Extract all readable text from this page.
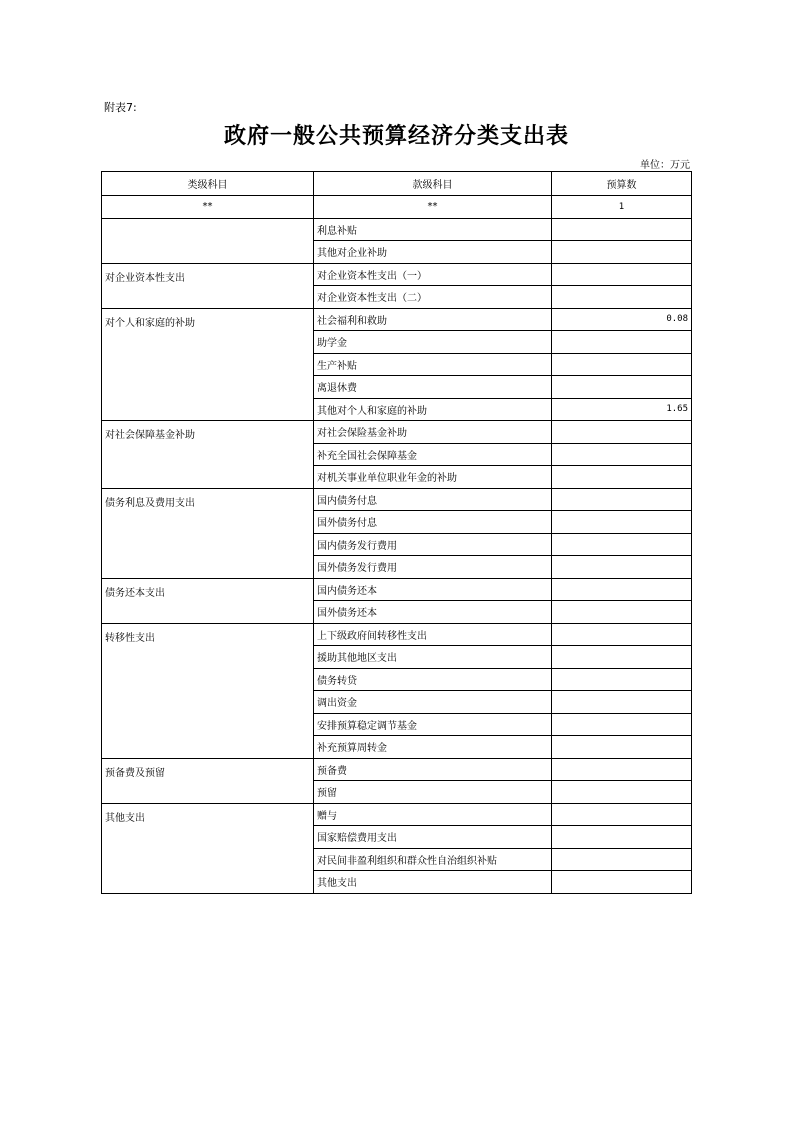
附表7:
政府一般公共预算经济分类支出表
单位：万元
类级科目	款级科目	预算数
**	**	1
	利息补贴	
	其他对企业补助	
对企业资本性支出	对企业资本性支出（一）	
	对企业资本性支出（二）	
对个人和家庭的补助	社会福利和救助	0.08
	助学金	
	生产补贴	
	离退休费	
	其他对个人和家庭的补助	1.65
对社会保障基金补助	对社会保险基金补助	
	补充全国社会保障基金	
	对机关事业单位职业年金的补助	
债务利息及费用支出	国内债务付息	
	国外债务付息	
	国内债务发行费用	
	国外债务发行费用	
债务还本支出	国内债务还本	
	国外债务还本	
转移性支出	上下级政府间转移性支出	
	援助其他地区支出	
	债务转贷	
	调出资金	
	安排预算稳定调节基金	
	补充预算周转金	
预备费及预留	预备费	
	预留	
其他支出	赠与	
	国家赔偿费用支出	
	对民间非盈利组织和群众性自治组织补贴	
	其他支出	
